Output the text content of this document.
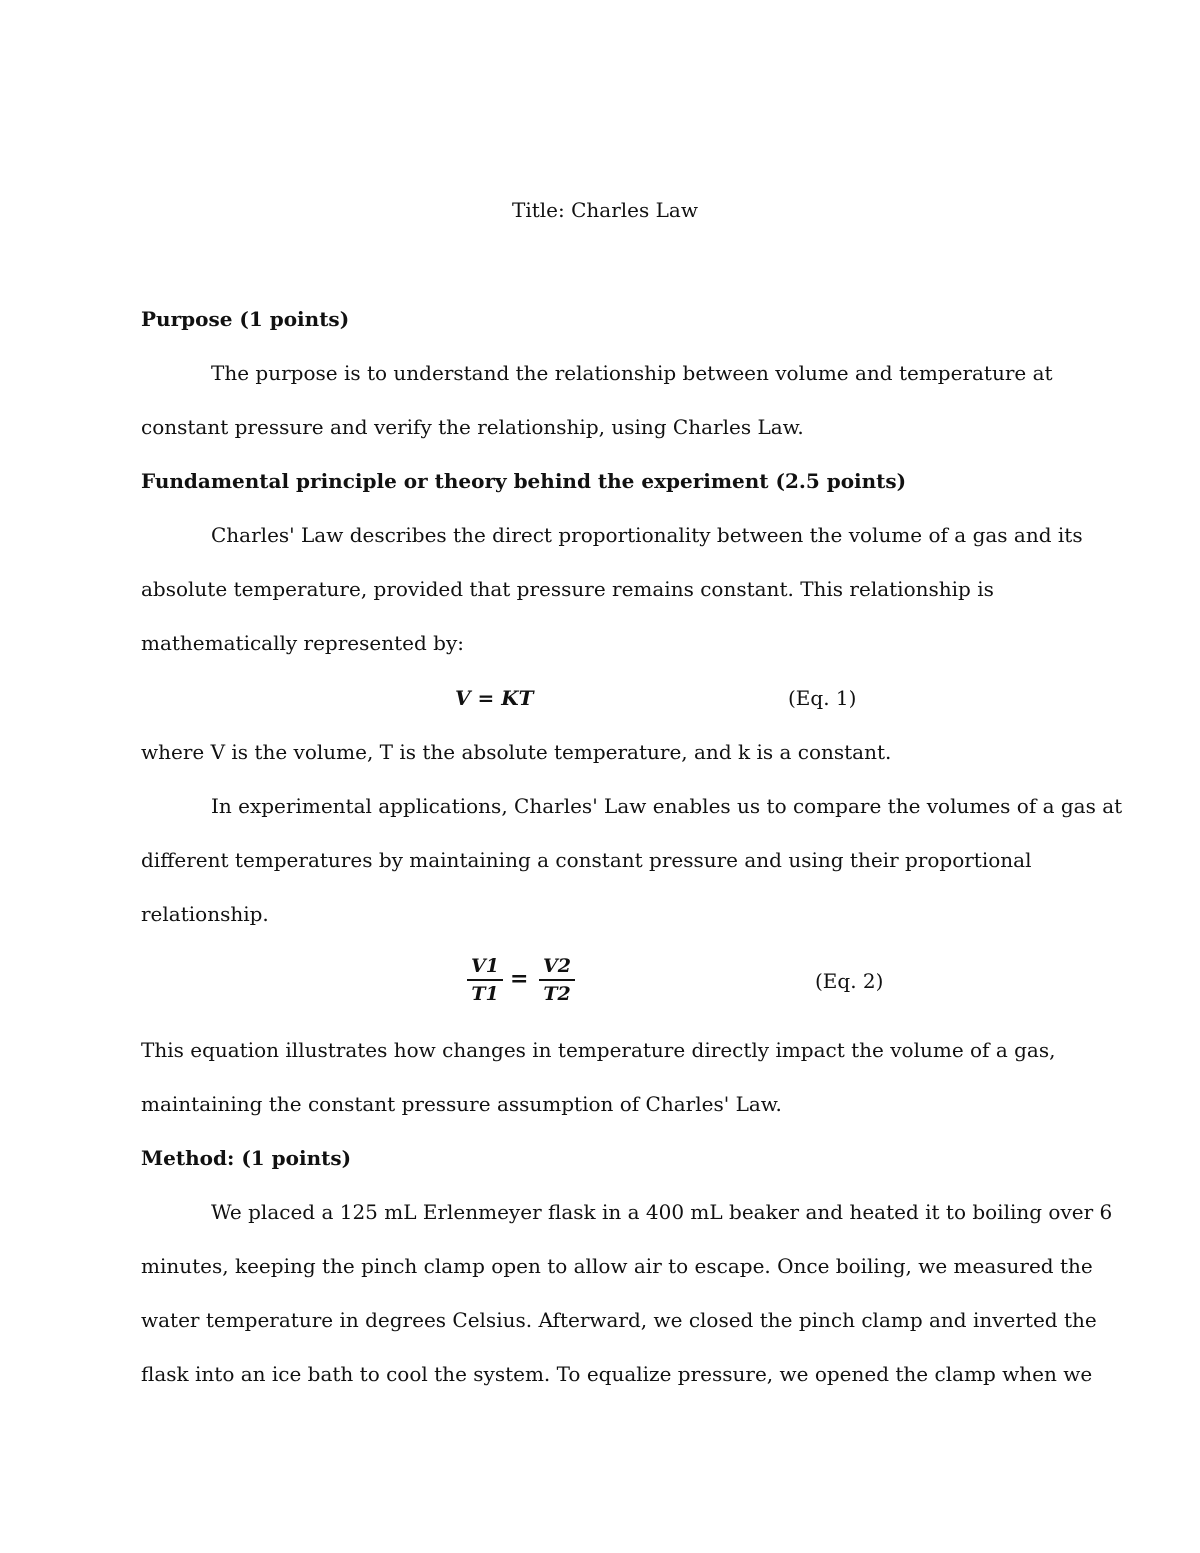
Title: Charles Law
Purpose (1 points)
The purpose is to understand the relationship between volume and temperature at
constant pressure and verify the relationship, using Charles Law.
Fundamental principle or theory behind the experiment (2.5 points)
Charles' Law describes the direct proportionality between the volume of a gas and its
absolute temperature, provided that pressure remains constant. This relationship is
mathematically represented by:
V = KT	(Eq. 1)
where V is the volume, T is the absolute temperature, and k is a constant.
In experimental applications, Charles' Law enables us to compare the volumes of a gas at
different temperatures by maintaining a constant pressure and using their proportional
relationship.
V1
T1
= V2
T2
(Eq. 2)
This equation illustrates how changes in temperature directly impact the volume of a gas,
maintaining the constant pressure assumption of Charles' Law.
Method: (1 points)
We placed a 125 mL Erlenmeyer flask in a 400 mL beaker and heated it to boiling over 6
minutes, keeping the pinch clamp open to allow air to escape. Once boiling, we measured the
water temperature in degrees Celsius. Afterward, we closed the pinch clamp and inverted the
flask into an ice bath to cool the system. To equalize pressure, we opened the clamp when we
